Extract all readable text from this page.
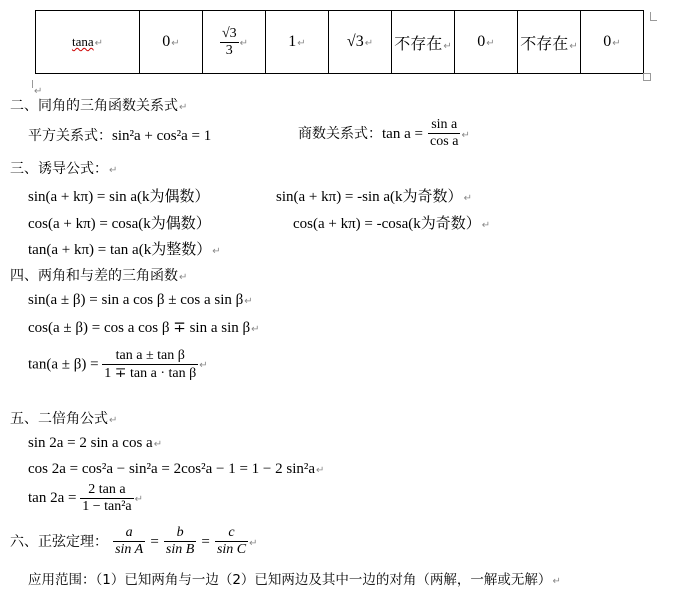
tana↵	0↵	$\frac{√3}{3}$ ↵	1↵	√3↵	不存在↵	0↵	不存在↵	0↵
↵
二、同角的三角函数关系式↵
平方关系式：sin²a + cos²a = 1	商数关系式：$\tan a = \frac{\text{sin a}}{\text{cos a}}$ ↵
三、诱导公式：↵
sin(a + kπ) = sin a(k为偶数）	sin(a + kπ) = -sin a(k为奇数）↵
cos(a + kπ) = cosa(k为偶数）	cos(a + kπ) = -cosa(k为奇数）↵
tan(a + kπ) = tan a(k为整数）↵
四、两角和与差的三角函数↵
sin(a ± β) = sin a cos β ± cos a sin β↵
cos(a ± β) = cos a cos β ∓ sin a sin β↵
$\tan(a \pm \beta) = \frac{\text{tan a ± tan β}}{\text{1 ∓ tan a · tan β}}$ ↵
五、二倍角公式↵
sin 2a = 2 sin a cos a↵
cos 2a = cos²a − sin²a = 2cos²a − 1 = 1 − 2 sin²a↵
$\tan 2a = \frac{\text{2 tan a}}{\text{1 − tan²a}}$ ↵
六、正弦定理： $\frac{a}{\text{sin A}} = \frac{b}{\text{sin B}} = \frac{c}{\text{sin C}}$ ↵
应用范围：（1）已知两角与一边（2）已知两边及其中一边的对角（两解，一解或无解）↵
